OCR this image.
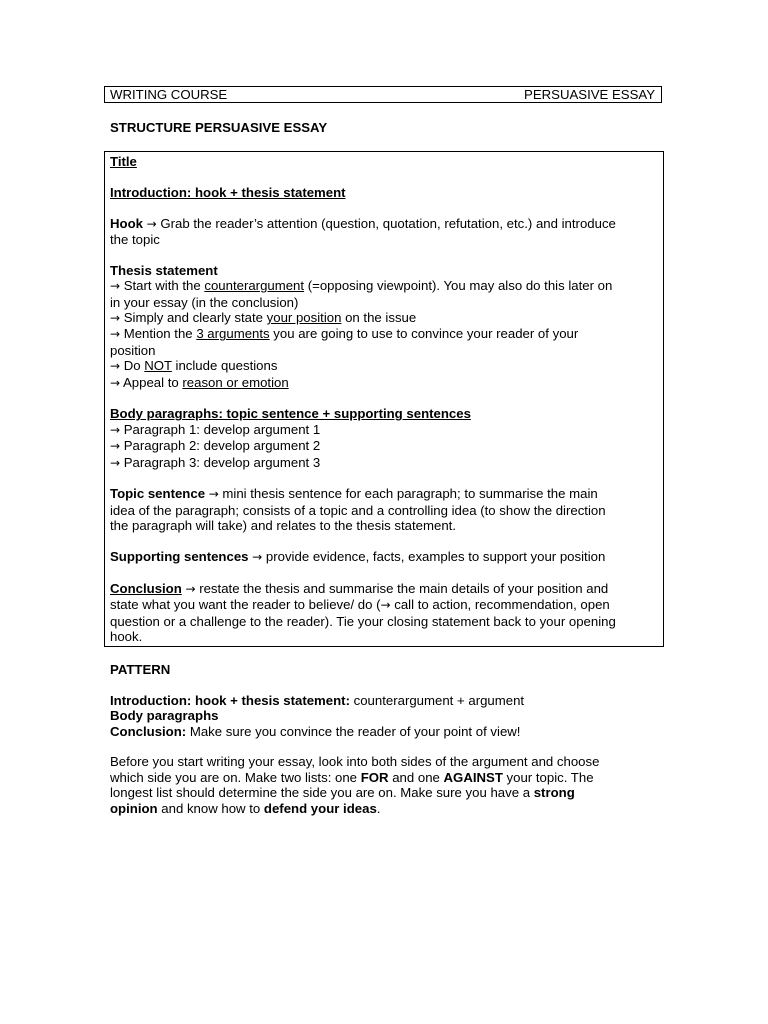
WRITING COURSE	PERSUASIVE ESSAY
STRUCTURE PERSUASIVE ESSAY
Title
Introduction: hook + thesis statement
Hook → Grab the reader’s attention (question, quotation, refutation, etc.) and introduce
the topic
Thesis statement
→ Start with the counterargument (=opposing viewpoint). You may also do this later on
in your essay (in the conclusion)
→ Simply and clearly state your position on the issue
→ Mention the 3 arguments you are going to use to convince your reader of your
position
→ Do NOT include questions
→ Appeal to reason or emotion
Body paragraphs: topic sentence + supporting sentences
→ Paragraph 1: develop argument 1
→ Paragraph 2: develop argument 2
→ Paragraph 3: develop argument 3
Topic sentence → mini thesis sentence for each paragraph; to summarise the main
idea of the paragraph; consists of a topic and a controlling idea (to show the direction
the paragraph will take) and relates to the thesis statement.
Supporting sentences → provide evidence, facts, examples to support your position
Conclusion → restate the thesis and summarise the main details of your position and
state what you want the reader to believe/ do (→ call to action, recommendation, open
question or a challenge to the reader). Tie your closing statement back to your opening
hook.
PATTERN
Introduction: hook + thesis statement: counterargument + argument
Body paragraphs
Conclusion: Make sure you convince the reader of your point of view!
Before you start writing your essay, look into both sides of the argument and choose
which side you are on. Make two lists: one FOR and one AGAINST your topic. The
longest list should determine the side you are on. Make sure you have a strong
opinion and know how to defend your ideas.
